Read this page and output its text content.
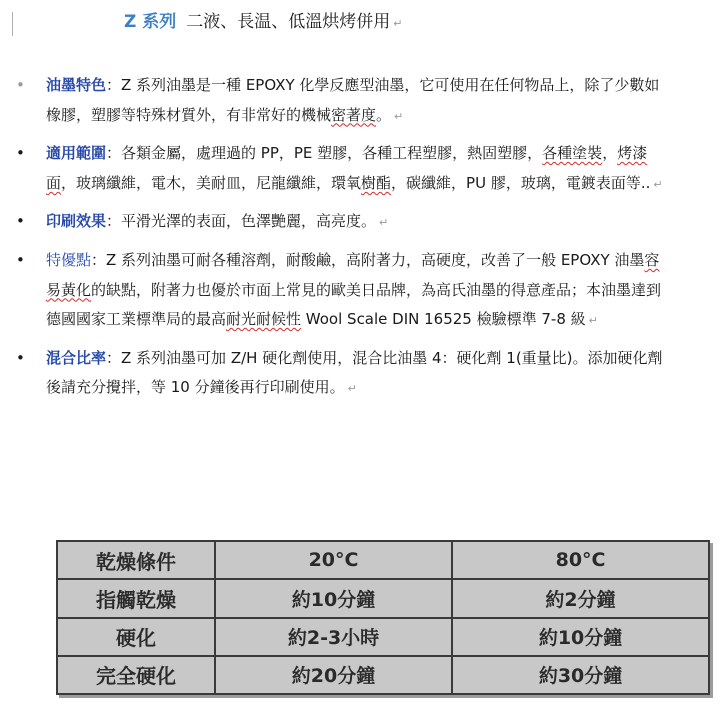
Z 系列 二液、長温、低溫烘烤併用 ↵
• 油墨特色：Z 系列油墨是一種 EPOXY 化學反應型油墨，它可使用在任何物品上，除了少數如橡膠，塑膠等特殊材質外，有非常好的機械密著度。 ↵
• 適用範圍：各類金屬，處理過的 PP，PE 塑膠，各種工程塑膠，熱固塑膠，各種塗裝，烤漆面，玻璃纖維，電木，美耐皿，尼龍纖維，環氧樹酯，碳纖維，PU 膠，玻璃，電鍍表面等.. ↵
• 印刷效果：平滑光澤的表面，色澤艷麗，高亮度。 ↵
• 特優點：Z 系列油墨可耐各種溶劑，耐酸鹼，高附著力，高硬度，改善了一般 EPOXY 油墨容易黃化的缺點，附著力也優於市面上常見的歐美日品牌，為高氏油墨的得意產品；本油墨達到德國國家工業標準局的最高耐光耐候性 Wool Scale DIN 16525 檢驗標準 7-8 級 ↵
• 混合比率：Z 系列油墨可加 Z/H 硬化劑使用，混合比油墨 4：硬化劑 1(重量比)。添加硬化劑後請充分攪拌，等 10 分鐘後再行印刷使用。 ↵
乾燥條件	20°C	80°C
指觸乾燥	約10分鐘	約2分鐘
硬化	約2-3小時	約10分鐘
完全硬化	約20分鐘	約30分鐘
